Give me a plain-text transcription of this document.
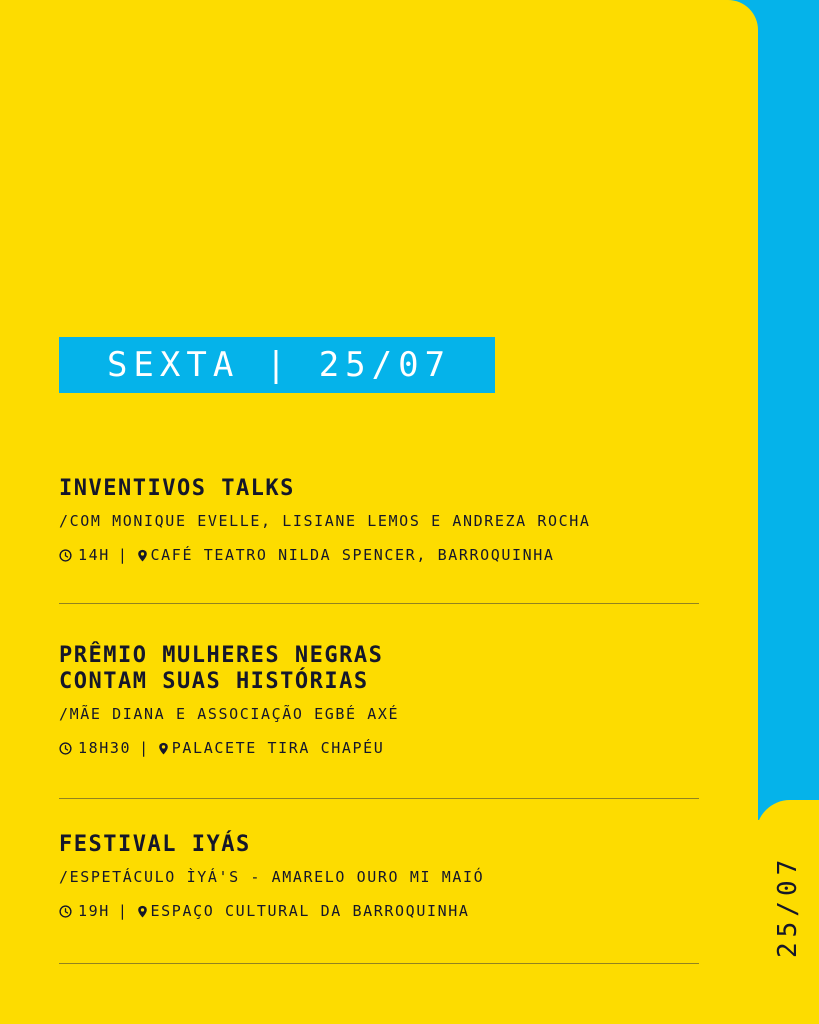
25/07
SEXTA | 25/07
INVENTIVOS TALKS
/COM MONIQUE EVELLE, LISIANE LEMOS E ANDREZA ROCHA
14H | CAFÉ TEATRO NILDA SPENCER, BARROQUINHA
PRÊMIO MULHERES NEGRAS
CONTAM SUAS HISTÓRIAS
/MÃE DIANA E ASSOCIAÇÃO EGBÉ AXÉ
18H30 | PALACETE TIRA CHAPÉU
FESTIVAL IYÁS
/ESPETÁCULO ÌYÁ'S - AMARELO OURO MI MAIÓ
19H | ESPAÇO CULTURAL DA BARROQUINHA
